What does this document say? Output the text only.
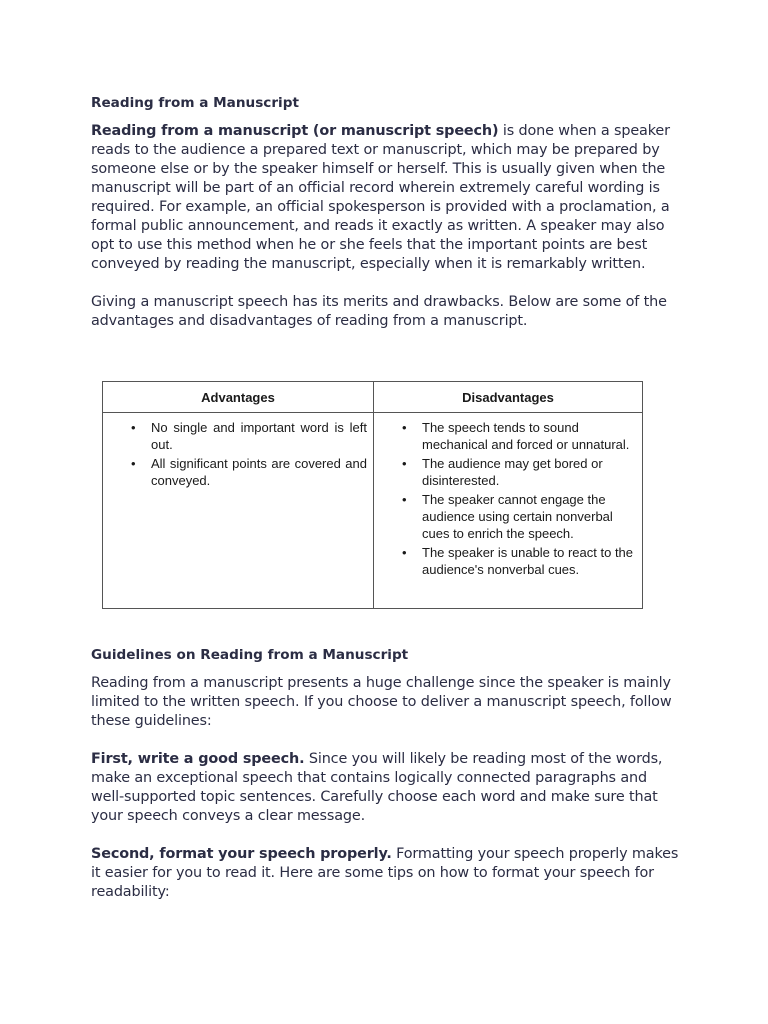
Reading from a Manuscript

Reading from a manuscript (or manuscript speech) is done when a speaker reads to the audience a prepared text or manuscript, which may be prepared by someone else or by the speaker himself or herself. This is usually given when the manuscript will be part of an official record wherein extremely careful wording is required. For example, an official spokesperson is provided with a proclamation, a formal public announcement, and reads it exactly as written. A speaker may also opt to use this method when he or she feels that the important points are best conveyed by reading the manuscript, especially when it is remarkably written.

Giving a manuscript speech has its merits and drawbacks. Below are some of the advantages and disadvantages of reading from a manuscript.

Advantages
• No single and important word is left out.
• All significant points are covered and conveyed.
Disadvantages
• The speech tends to sound mechanical and forced or unnatural.
• The audience may get bored or disinterested.
• The speaker cannot engage the audience using certain nonverbal cues to enrich the speech.
• The speaker is unable to react to the audience's nonverbal cues.

Guidelines on Reading from a Manuscript

Reading from a manuscript presents a huge challenge since the speaker is mainly limited to the written speech. If you choose to deliver a manuscript speech, follow these guidelines:

First, write a good speech. Since you will likely be reading most of the words, make an exceptional speech that contains logically connected paragraphs and well-supported topic sentences. Carefully choose each word and make sure that your speech conveys a clear message.

Second, format your speech properly. Formatting your speech properly makes it easier for you to read it. Here are some tips on how to format your speech for readability:
